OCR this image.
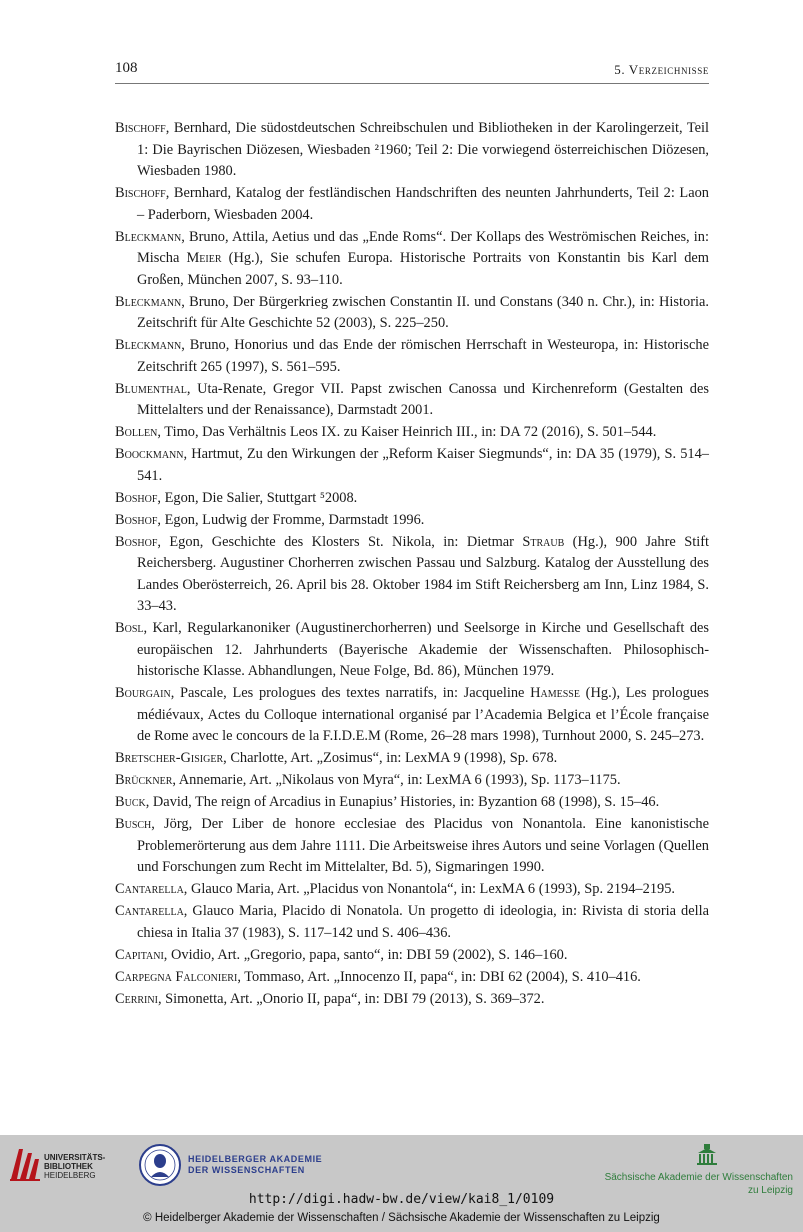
108	5. Verzeichnisse

Bischoff, Bernhard, Die südostdeutschen Schreibschulen und Bibliotheken in der Karolingerzeit, Teil 1: Die Bayrischen Diözesen, Wiesbaden ²1960; Teil 2: Die vorwiegend österreichischen Diözesen, Wiesbaden 1980.

Bischoff, Bernhard, Katalog der festländischen Handschriften des neunten Jahrhunderts, Teil 2: Laon – Paderborn, Wiesbaden 2004.

Bleckmann, Bruno, Attila, Aetius und das „Ende Roms“. Der Kollaps des Weströmischen Reiches, in: Mischa Meier (Hg.), Sie schufen Europa. Historische Portraits von Konstantin bis Karl dem Großen, München 2007, S. 93–110.

Bleckmann, Bruno, Der Bürgerkrieg zwischen Constantin II. und Constans (340 n. Chr.), in: Historia. Zeitschrift für Alte Geschichte 52 (2003), S. 225–250.

Bleckmann, Bruno, Honorius und das Ende der römischen Herrschaft in Westeuropa, in: Historische Zeitschrift 265 (1997), S. 561–595.

Blumenthal, Uta-Renate, Gregor VII. Papst zwischen Canossa und Kirchenreform (Gestalten des Mittelalters und der Renaissance), Darmstadt 2001.

Bollen, Timo, Das Verhältnis Leos IX. zu Kaiser Heinrich III., in: DA 72 (2016), S. 501–544.

Boockmann, Hartmut, Zu den Wirkungen der „Reform Kaiser Siegmunds“, in: DA 35 (1979), S. 514–541.

Boshof, Egon, Die Salier, Stuttgart ⁵2008.

Boshof, Egon, Ludwig der Fromme, Darmstadt 1996.

Boshof, Egon, Geschichte des Klosters St. Nikola, in: Dietmar Straub (Hg.), 900 Jahre Stift Reichersberg. Augustiner Chorherren zwischen Passau und Salzburg. Katalog der Ausstellung des Landes Oberösterreich, 26. April bis 28. Oktober 1984 im Stift Reichersberg am Inn, Linz 1984, S. 33–43.

Bosl, Karl, Regularkanoniker (Augustinerchorherren) und Seelsorge in Kirche und Gesellschaft des europäischen 12. Jahrhunderts (Bayerische Akademie der Wissenschaften. Philosophisch-historische Klasse. Abhandlungen, Neue Folge, Bd. 86), München 1979.

Bourgain, Pascale, Les prologues des textes narratifs, in: Jacqueline Hamesse (Hg.), Les prologues médiévaux, Actes du Colloque international organisé par l’Academia Belgica et l’École française de Rome avec le concours de la F.I.D.E.M (Rome, 26–28 mars 1998), Turnhout 2000, S. 245–273.

Bretscher-Gisiger, Charlotte, Art. „Zosimus“, in: LexMA 9 (1998), Sp. 678.

Brückner, Annemarie, Art. „Nikolaus von Myra“, in: LexMA 6 (1993), Sp. 1173–1175.

Buck, David, The reign of Arcadius in Eunapius’ Histories, in: Byzantion 68 (1998), S. 15–46.

Busch, Jörg, Der Liber de honore ecclesiae des Placidus von Nonantola. Eine kanonistische Problemerörterung aus dem Jahre 1111. Die Arbeitsweise ihres Autors und seine Vorlagen (Quellen und Forschungen zum Recht im Mittelalter, Bd. 5), Sigmaringen 1990.

Cantarella, Glauco Maria, Art. „Placidus von Nonantola“, in: LexMA 6 (1993), Sp. 2194–2195.

Cantarella, Glauco Maria, Placido di Nonatola. Un progetto di ideologia, in: Rivista di storia della chiesa in Italia 37 (1983), S. 117–142 und S. 406–436.

Capitani, Ovidio, Art. „Gregorio, papa, santo“, in: DBI 59 (2002), S. 146–160.

Carpegna Falconieri, Tommaso, Art. „Innocenzo II, papa“, in: DBI 62 (2004), S. 410–416.

Cerrini, Simonetta, Art. „Onorio II, papa“, in: DBI 79 (2013), S. 369–372.

UNIVERSITÄTS-
BIBLIOTHEK
HEIDELBERG
HEIDELBERGER AKADEMIE
DER WISSENSCHAFTEN
Sächsische Akademie der Wissenschaften
zu Leipzig
http://digi.hadw-bw.de/view/kai8_1/0109
© Heidelberger Akademie der Wissenschaften / Sächsische Akademie der Wissenschaften zu Leipzig
